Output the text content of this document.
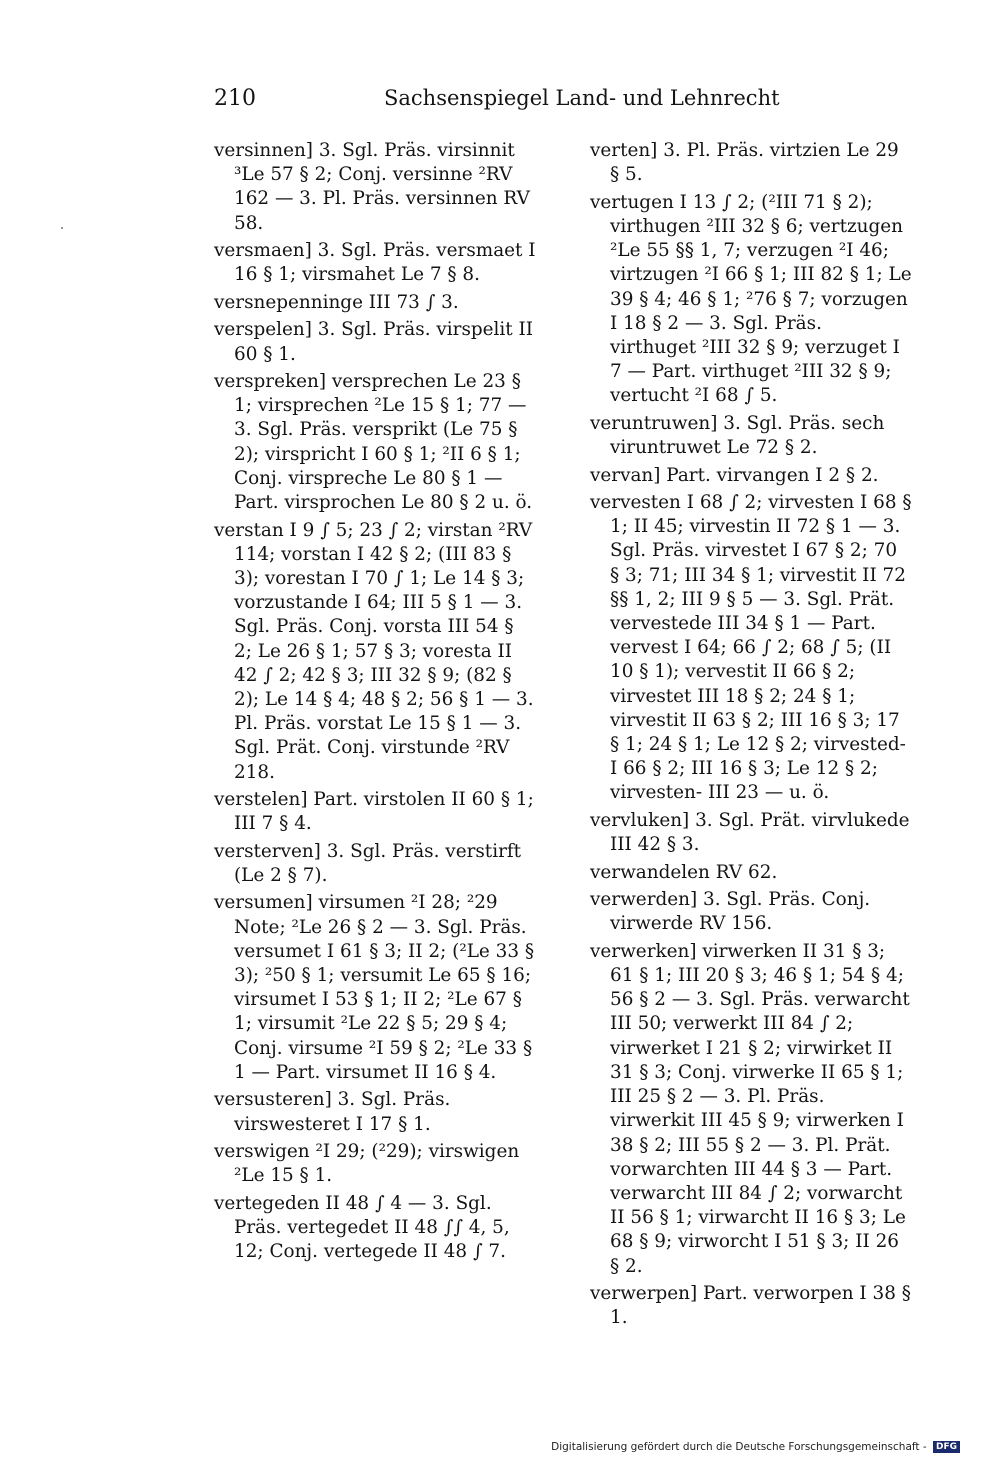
210	Sachsenspiegel Land- und Lehnrecht

versinnen] 3. Sgl. Präs. virsinnit ³Le 57 § 2; Conj. versinne ²RV 162 — 3. Pl. Präs. versinnen RV 58.

versmaen] 3. Sgl. Präs. versmaet I 16 § 1; virsmahet Le 7 § 8.

versnepenninge III 73 ∫ 3.

verspelen] 3. Sgl. Präs. virspelit II 60 § 1.

verspreken] versprechen Le 23 § 1; virsprechen ²Le 15 § 1; 77 — 3. Sgl. Präs. versprikt (Le 75 § 2); virspricht I 60 § 1; ²II 6 § 1; Conj. virspreche Le 80 § 1 — Part. virsprochen Le 80 § 2 u. ö.

verstan I 9 ∫ 5; 23 ∫ 2; virstan ²RV 114; vorstan I 42 § 2; (III 83 § 3); vorestan I 70 ∫ 1; Le 14 § 3; vorzustande I 64; III 5 § 1 — 3. Sgl. Präs. Conj. vorsta III 54 § 2; Le 26 § 1; 57 § 3; voresta II 42 ∫ 2; 42 § 3; III 32 § 9; (82 § 2); Le 14 § 4; 48 § 2; 56 § 1 — 3. Pl. Präs. vorstat Le 15 § 1 — 3. Sgl. Prät. Conj. virstunde ²RV 218.

verstelen] Part. virstolen II 60 § 1; III 7 § 4.

versterven] 3. Sgl. Präs. verstirft (Le 2 § 7).

versumen] virsumen ²I 28; ²29 Note; ²Le 26 § 2 — 3. Sgl. Präs. versumet I 61 § 3; II 2; (²Le 33 § 3); ²50 § 1; versumit Le 65 § 16; virsumet I 53 § 1; II 2; ²Le 67 § 1; virsumit ²Le 22 § 5; 29 § 4; Conj. virsume ²I 59 § 2; ²Le 33 § 1 — Part. virsumet II 16 § 4.

versusteren] 3. Sgl. Präs. virswesteret I 17 § 1.

verswigen ²I 29; (²29); virswigen ²Le 15 § 1.

vertegeden II 48 ∫ 4 — 3. Sgl. Präs. vertegedet II 48 ∫∫ 4, 5, 12; Conj. vertegede II 48 ∫ 7.

verten] 3. Pl. Präs. virtzien Le 29 § 5.

vertugen I 13 ∫ 2; (²III 71 § 2); virthugen ²III 32 § 6; vertzugen ²Le 55 §§ 1, 7; verzugen ²I 46; virtzugen ²I 66 § 1; III 82 § 1; Le 39 § 4; 46 § 1; ²76 § 7; vorzugen I 18 § 2 — 3. Sgl. Präs. virthuget ²III 32 § 9; verzuget I 7 — Part. virthuget ²III 32 § 9; vertucht ²I 68 ∫ 5.

veruntruwen] 3. Sgl. Präs. sech viruntruwet Le 72 § 2.

vervan] Part. virvangen I 2 § 2.

vervesten I 68 ∫ 2; virvesten I 68 § 1; II 45; virvestin II 72 § 1 — 3. Sgl. Präs. virvestet I 67 § 2; 70 § 3; 71; III 34 § 1; virvestit II 72 §§ 1, 2; III 9 § 5 — 3. Sgl. Prät. vervestede III 34 § 1 — Part. vervest I 64; 66 ∫ 2; 68 ∫ 5; (II 10 § 1); vervestit II 66 § 2; virvestet III 18 § 2; 24 § 1; virvestit II 63 § 2; III 16 § 3; 17 § 1; 24 § 1; Le 12 § 2; virvested- I 66 § 2; III 16 § 3; Le 12 § 2; virvesten- III 23 — u. ö.

vervluken] 3. Sgl. Prät. virvlukede III 42 § 3.

verwandelen RV 62.

verwerden] 3. Sgl. Präs. Conj. virwerde RV 156.

verwerken] virwerken II 31 § 3; 61 § 1; III 20 § 3; 46 § 1; 54 § 4; 56 § 2 — 3. Sgl. Präs. verwarcht III 50; verwerkt III 84 ∫ 2; virwerket I 21 § 2; virwirket II 31 § 3; Conj. virwerke II 65 § 1; III 25 § 2 — 3. Pl. Präs. virwerkit III 45 § 9; virwerken I 38 § 2; III 55 § 2 — 3. Pl. Prät. vorwarchten III 44 § 3 — Part. verwarcht III 84 ∫ 2; vorwarcht II 56 § 1; virwarcht II 16 § 3; Le 68 § 9; virworcht I 51 § 3; II 26 § 2.

verwerpen] Part. verworpen I 38 § 1.

Digitalisierung gefördert durch die Deutsche Forschungsgemeinschaft - DFG
